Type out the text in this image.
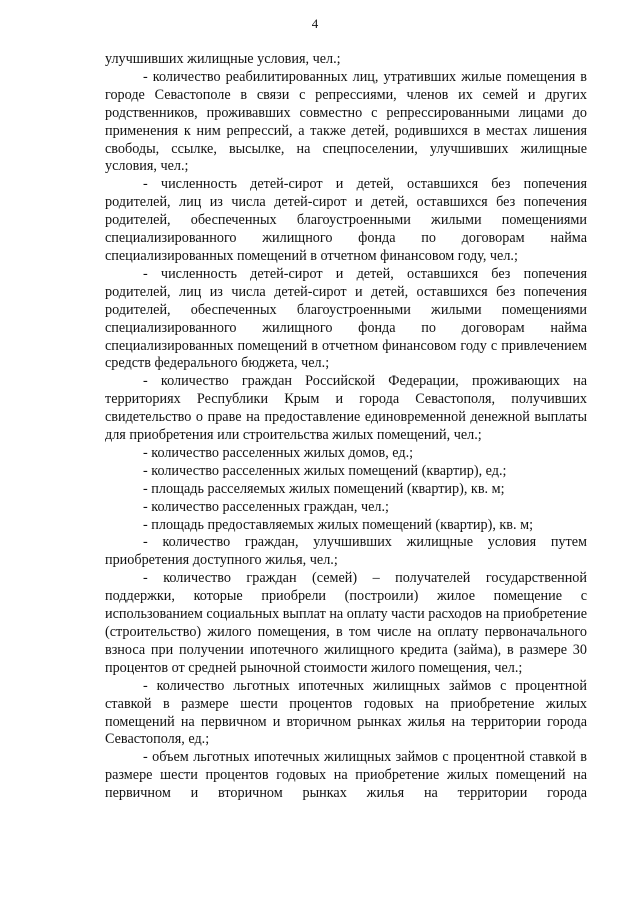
4

улучшивших жилищные условия, чел.;

- количество реабилитированных лиц, утративших жилые помещения в городе Севастополе в связи с репрессиями, членов их семей и других родственников, проживавших совместно с репрессированными лицами до применения к ним репрессий, а также детей, родившихся в местах лишения свободы, ссылке, высылке, на спецпоселении, улучшивших жилищные условия, чел.;

- численность детей-сирот и детей, оставшихся без попечения родителей, лиц из числа детей-сирот и детей, оставшихся без попечения родителей, обеспеченных благоустроенными жилыми помещениями специализированного жилищного фонда по договорам найма специализированных помещений в отчетном финансовом году, чел.;

- численность детей-сирот и детей, оставшихся без попечения родителей, лиц из числа детей-сирот и детей, оставшихся без попечения родителей, обеспеченных благоустроенными жилыми помещениями специализированного жилищного фонда по договорам найма специализированных помещений в отчетном финансовом году с привлечением средств федерального бюджета, чел.;

- количество граждан Российской Федерации, проживающих на территориях Республики Крым и города Севастополя, получивших свидетельство о праве на предоставление единовременной денежной выплаты для приобретения или строительства жилых помещений, чел.;

- количество расселенных жилых домов, ед.;

- количество расселенных жилых помещений (квартир), ед.;

- площадь расселяемых жилых помещений (квартир), кв. м;

- количество расселенных граждан, чел.;

- площадь предоставляемых жилых помещений (квартир), кв. м;

- количество граждан, улучшивших жилищные условия путем приобретения доступного жилья, чел.;

- количество граждан (семей) – получателей государственной поддержки, которые приобрели (построили) жилое помещение с использованием социальных выплат на оплату части расходов на приобретение (строительство) жилого помещения, в том числе на оплату первоначального взноса при получении ипотечного жилищного кредита (займа), в размере 30 процентов от средней рыночной стоимости жилого помещения, чел.;

- количество льготных ипотечных жилищных займов с процентной ставкой в размере шести процентов годовых на приобретение жилых помещений на первичном и вторичном рынках жилья на территории города Севастополя, ед.;

- объем льготных ипотечных жилищных займов с процентной ставкой в размере шести процентов годовых на приобретение жилых помещений на первичном и вторичном рынках жилья на территории города
